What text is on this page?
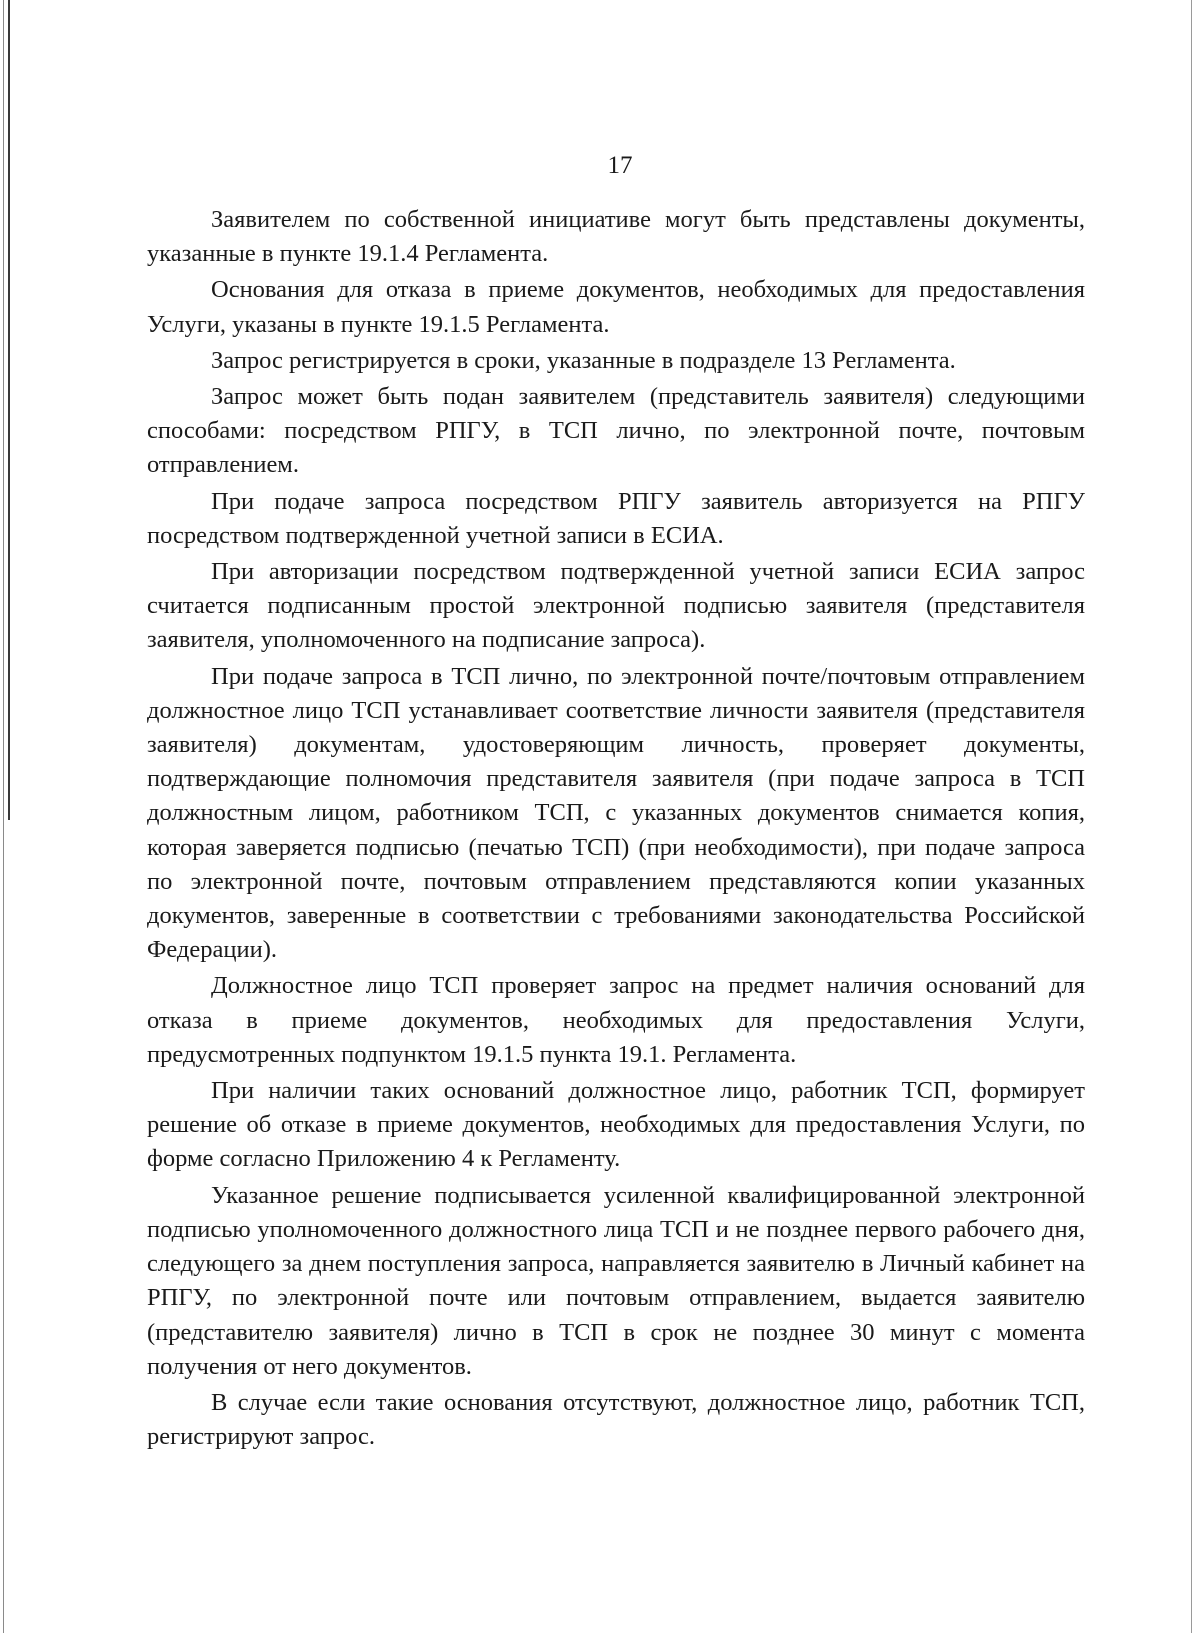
17

Заявителем по собственной инициативе могут быть представлены документы, указанные в пункте 19.1.4 Регламента.

Основания для отказа в приеме документов, необходимых для предоставления Услуги, указаны в пункте 19.1.5 Регламента.

Запрос регистрируется в сроки, указанные в подразделе 13 Регламента.

Запрос может быть подан заявителем (представитель заявителя) следующими способами: посредством РПГУ, в ТСП лично, по электронной почте, почтовым отправлением.

При подаче запроса посредством РПГУ заявитель авторизуется на РПГУ посредством подтвержденной учетной записи в ЕСИА.

При авторизации посредством подтвержденной учетной записи ЕСИА запрос считается подписанным простой электронной подписью заявителя (представителя заявителя, уполномоченного на подписание запроса).

При подаче запроса в ТСП лично, по электронной почте/почтовым отправлением должностное лицо ТСП устанавливает соответствие личности заявителя (представителя заявителя) документам, удостоверяющим личность, проверяет документы, подтверждающие полномочия представителя заявителя (при подаче запроса в ТСП должностным лицом, работником ТСП, с указанных документов снимается копия, которая заверяется подписью (печатью ТСП) (при необходимости), при подаче запроса по электронной почте, почтовым отправлением представляются копии указанных документов, заверенные в соответствии с требованиями законодательства Российской Федерации).

Должностное лицо ТСП проверяет запрос на предмет наличия оснований для отказа в приеме документов, необходимых для предоставления Услуги, предусмотренных подпунктом 19.1.5 пункта 19.1. Регламента.

При наличии таких оснований должностное лицо, работник ТСП, формирует решение об отказе в приеме документов, необходимых для предоставления Услуги, по форме согласно Приложению 4 к Регламенту.

Указанное решение подписывается усиленной квалифицированной электронной подписью уполномоченного должностного лица ТСП и не позднее первого рабочего дня, следующего за днем поступления запроса, направляется заявителю в Личный кабинет на РПГУ, по электронной почте или почтовым отправлением, выдается заявителю (представителю заявителя) лично в ТСП в срок не позднее 30 минут с момента получения от него документов.

В случае если такие основания отсутствуют, должностное лицо, работник ТСП, регистрируют запрос.
